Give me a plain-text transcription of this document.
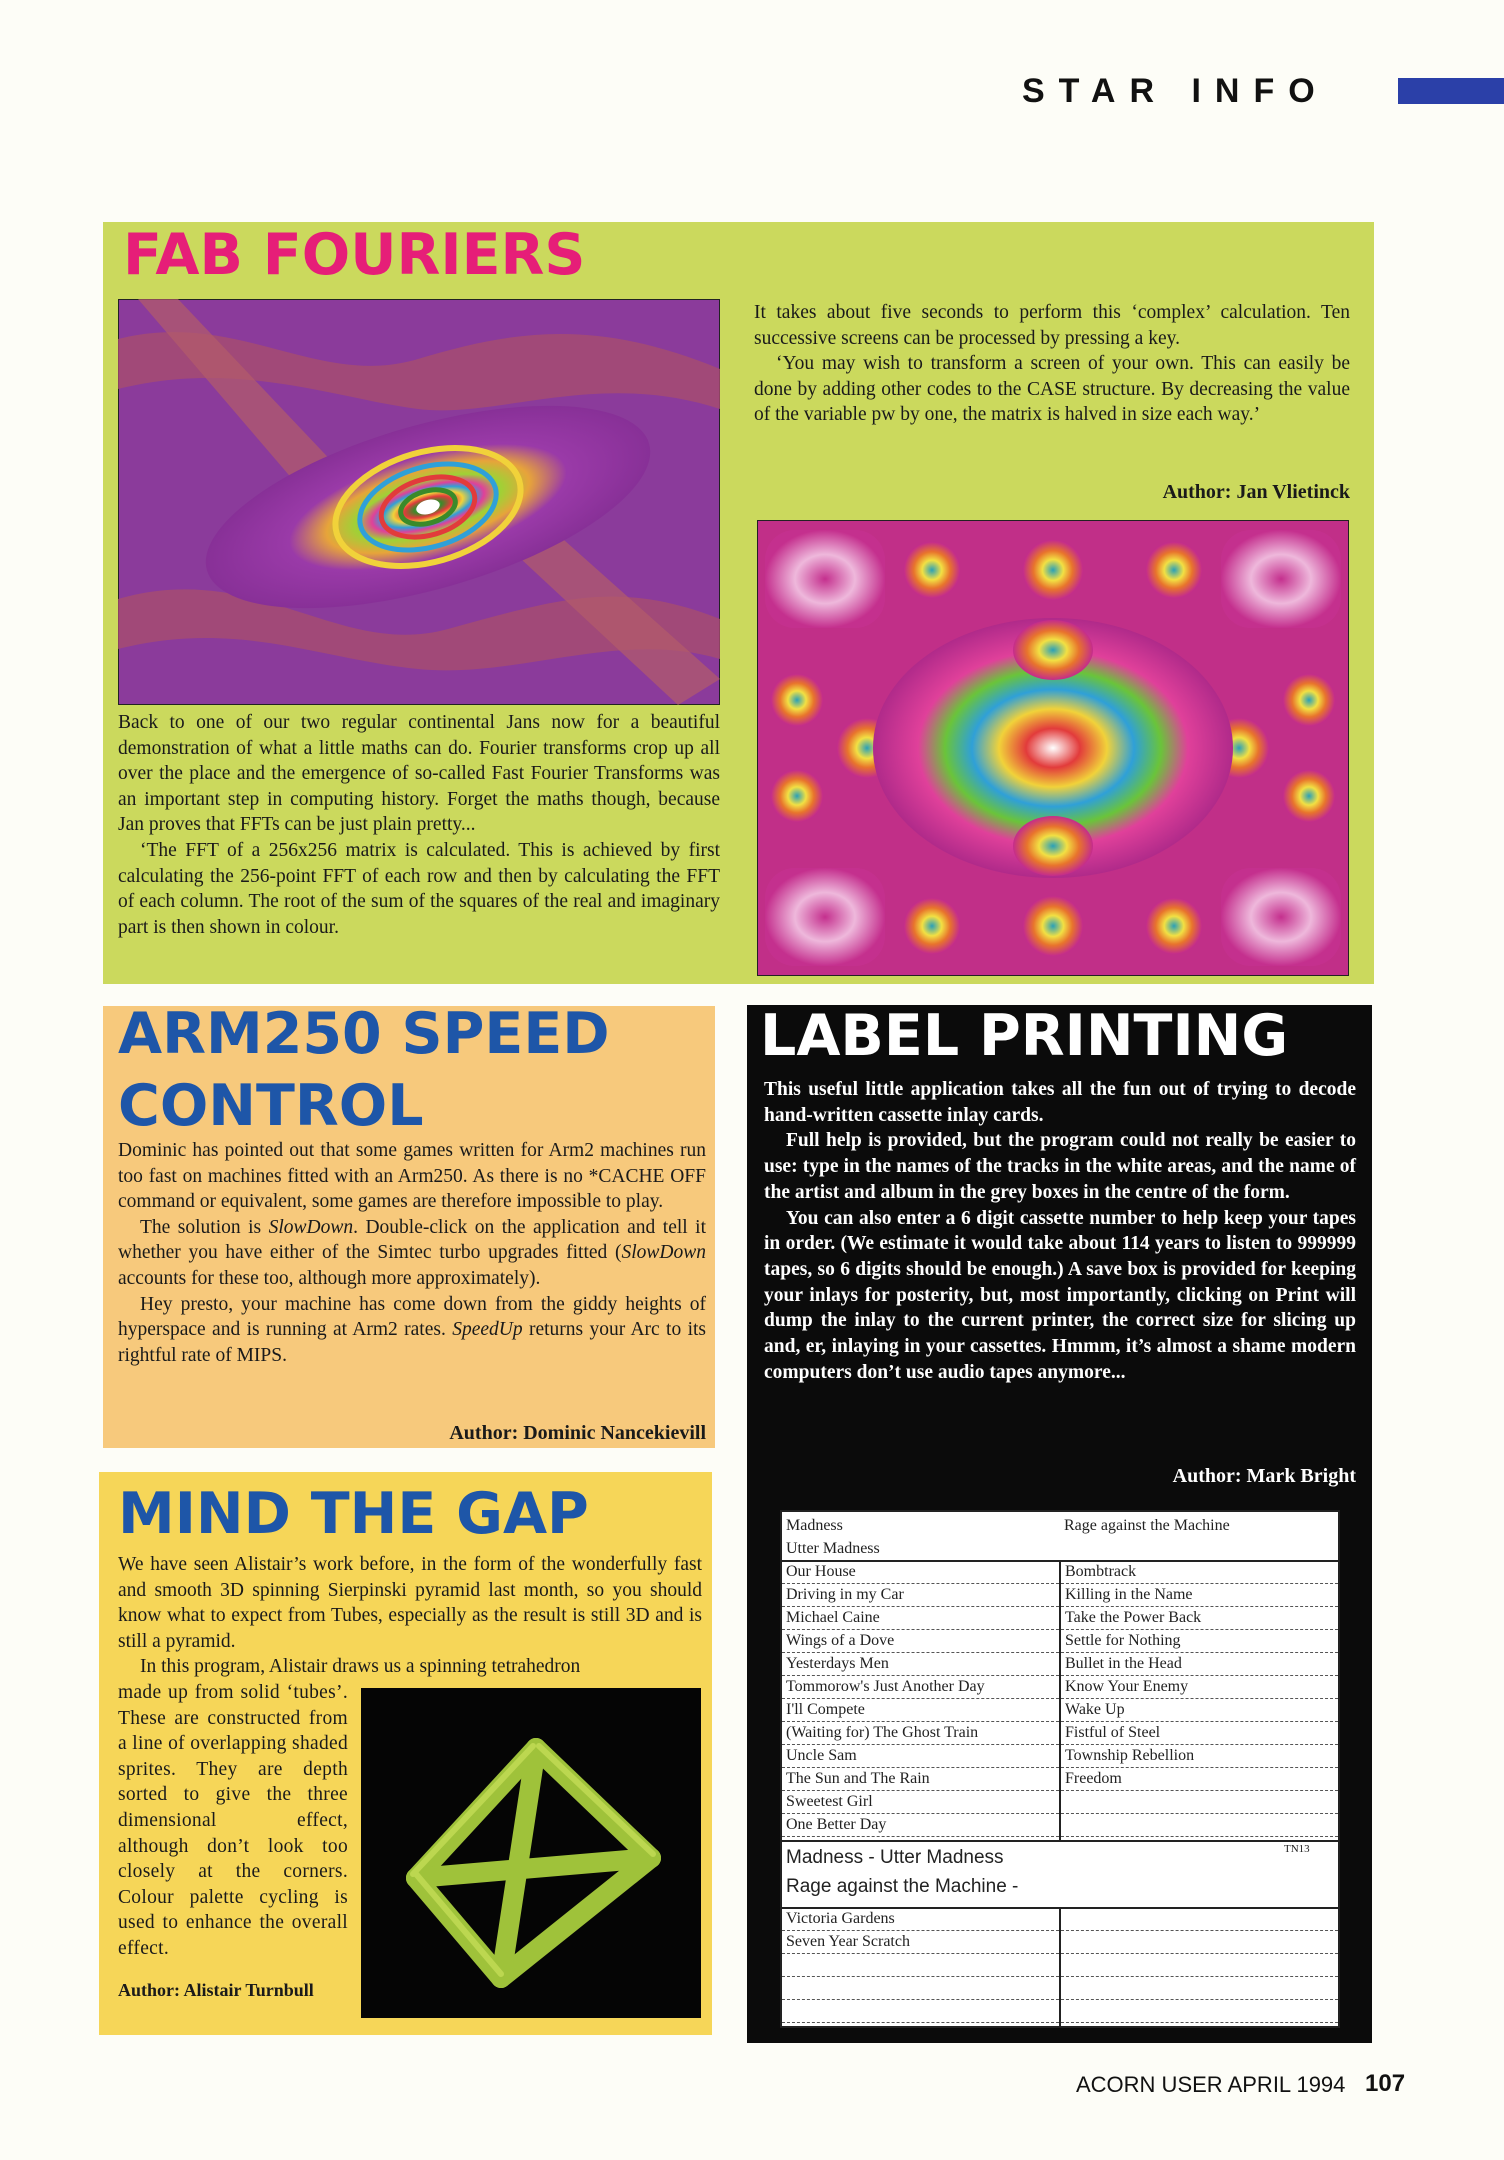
STAR INFO
FAB FOURIERS

Back to one of our two regular continental Jans now for a beautiful demonstration of what a little maths can do. Fourier transforms crop up all over the place and the emergence of so-called Fast Fourier Transforms was an important step in computing history. Forget the maths though, because Jan proves that FFTs can be just plain pretty...

‘The FFT of a 256x256 matrix is calculated. This is achieved by first calculating the 256-point FFT of each row and then by calculating the FFT of each column. The root of the sum of the squares of the real and imaginary part is then shown in colour.

It takes about five seconds to perform this ‘complex’ calculation. Ten successive screens can be processed by pressing a key.

‘You may wish to transform a screen of your own. This can easily be done by adding other codes to the CASE structure. By decreasing the value of the variable pw by one, the matrix is halved in size each way.’

Author: Jan Vlietinck
ARM250 SPEED
CONTROL

Dominic has pointed out that some games written for Arm2 machines run too fast on machines fitted with an Arm250. As there is no *CACHE OFF command or equivalent, some games are therefore impossible to play.

The solution is SlowDown. Double-click on the application and tell it whether you have either of the Simtec turbo upgrades fitted (SlowDown accounts for these too, although more approximately).

Hey presto, your machine has come down from the giddy heights of hyperspace and is running at Arm2 rates. SpeedUp returns your Arc to its rightful rate of MIPS.

Author: Dominic Nancekievill
MIND THE GAP

We have seen Alistair’s work before, in the form of the wonderfully fast and smooth 3D spinning Sierpinski pyramid last month, so you should know what to expect from Tubes, especially as the result is still 3D and is still a pyramid.

In this program, Alistair draws us a spinning tetrahedron

made up from solid ‘tubes’. These are constructed from a line of overlapping shaded sprites. They are depth sorted to give the three dimensional effect, although don’t look too closely at the corners. Colour palette cycling is used to enhance the overall effect.
Author: Alistair Turnbull
LABEL PRINTING

This useful little application takes all the fun out of trying to decode hand-written cassette inlay cards.

Full help is provided, but the program could not really be easier to use: type in the names of the tracks in the white areas, and the name of the artist and album in the grey boxes in the centre of the form.

You can also enter a 6 digit cassette number to help keep your tapes in order. (We estimate it would take about 114 years to listen to 999999 tapes, so 6 digits should be enough.) A save box is provided for keeping your inlays for posterity, but, most importantly, clicking on Print will dump the inlay to the current printer, the correct size for slicing up and, er, inlaying in your cassettes. Hmmm, it’s almost a shame modern computers don’t use audio tapes anymore...

Author: Mark Bright
Madness
Utter Madness
Rage against the Machine
Our House
Driving in my Car
Michael Caine
Wings of a Dove
Yesterdays Men
Tommorow's Just Another Day
I'll Compete
(Waiting for) The Ghost Train
Uncle Sam
The Sun and The Rain
Sweetest Girl
One Better Day
Bombtrack
Killing in the Name
Take the Power Back
Settle for Nothing
Bullet in the Head
Know Your Enemy
Wake Up
Fistful of Steel
Township Rebellion
Freedom
Madness - Utter Madness
Rage against the Machine -
TN13
Victoria Gardens
Seven Year Scratch
ACORN USER APRIL 1994 107
